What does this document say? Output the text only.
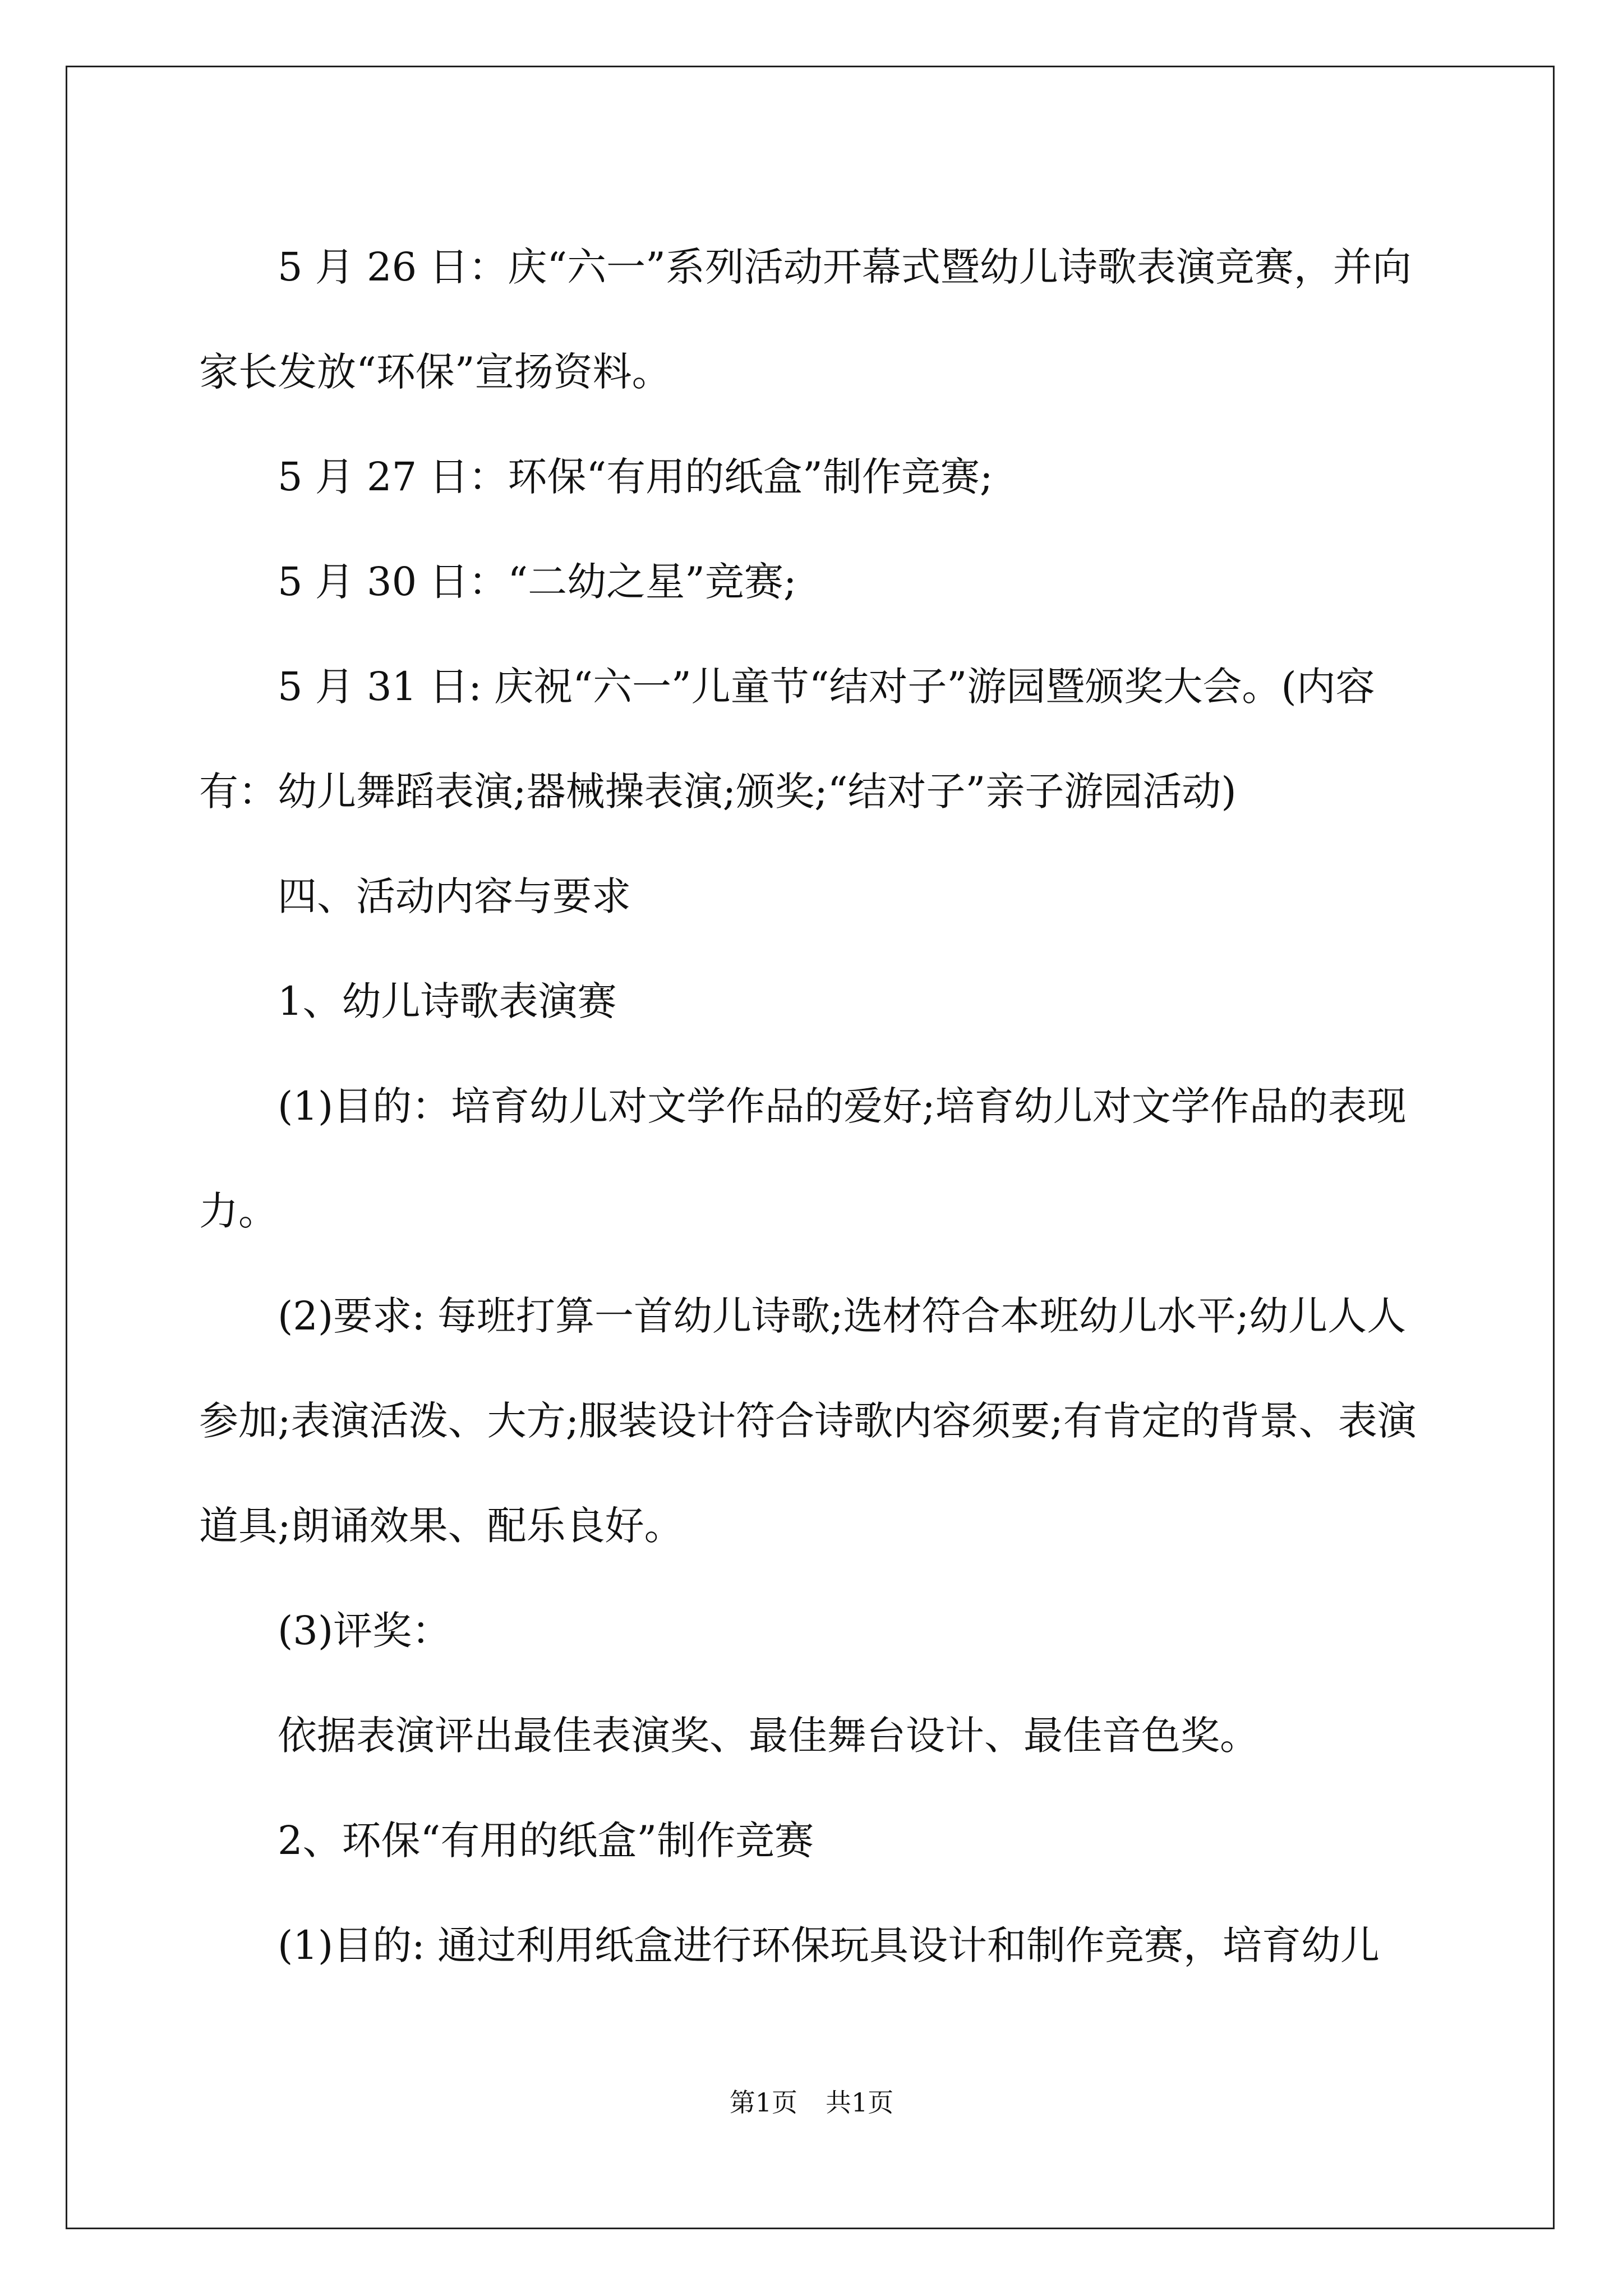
5 月 26 日：庆“六一”系列活动开幕式暨幼儿诗歌表演竞赛，并向家长发放“环保”宣扬资料。

5 月 27 日：环保“有用的纸盒”制作竞赛;

5 月 30 日：“二幼之星”竞赛;

5 月 31 日: 庆祝“六一”儿童节“结对子”游园暨颁奖大会。(内容有：幼儿舞蹈表演;器械操表演;颁奖;“结对子”亲子游园活动)

四、活动内容与要求

1、幼儿诗歌表演赛

(1)目的：培育幼儿对文学作品的爱好;培育幼儿对文学作品的表现力。

(2)要求: 每班打算一首幼儿诗歌;选材符合本班幼儿水平;幼儿人人参加;表演活泼、大方;服装设计符合诗歌内容须要;有肯定的背景、表演道具;朗诵效果、配乐良好。

(3)评奖：

依据表演评出最佳表演奖、最佳舞台设计、最佳音色奖。

2、环保“有用的纸盒”制作竞赛

(1)目的: 通过利用纸盒进行环保玩具设计和制作竞赛，培育幼儿

第1页 共1页
